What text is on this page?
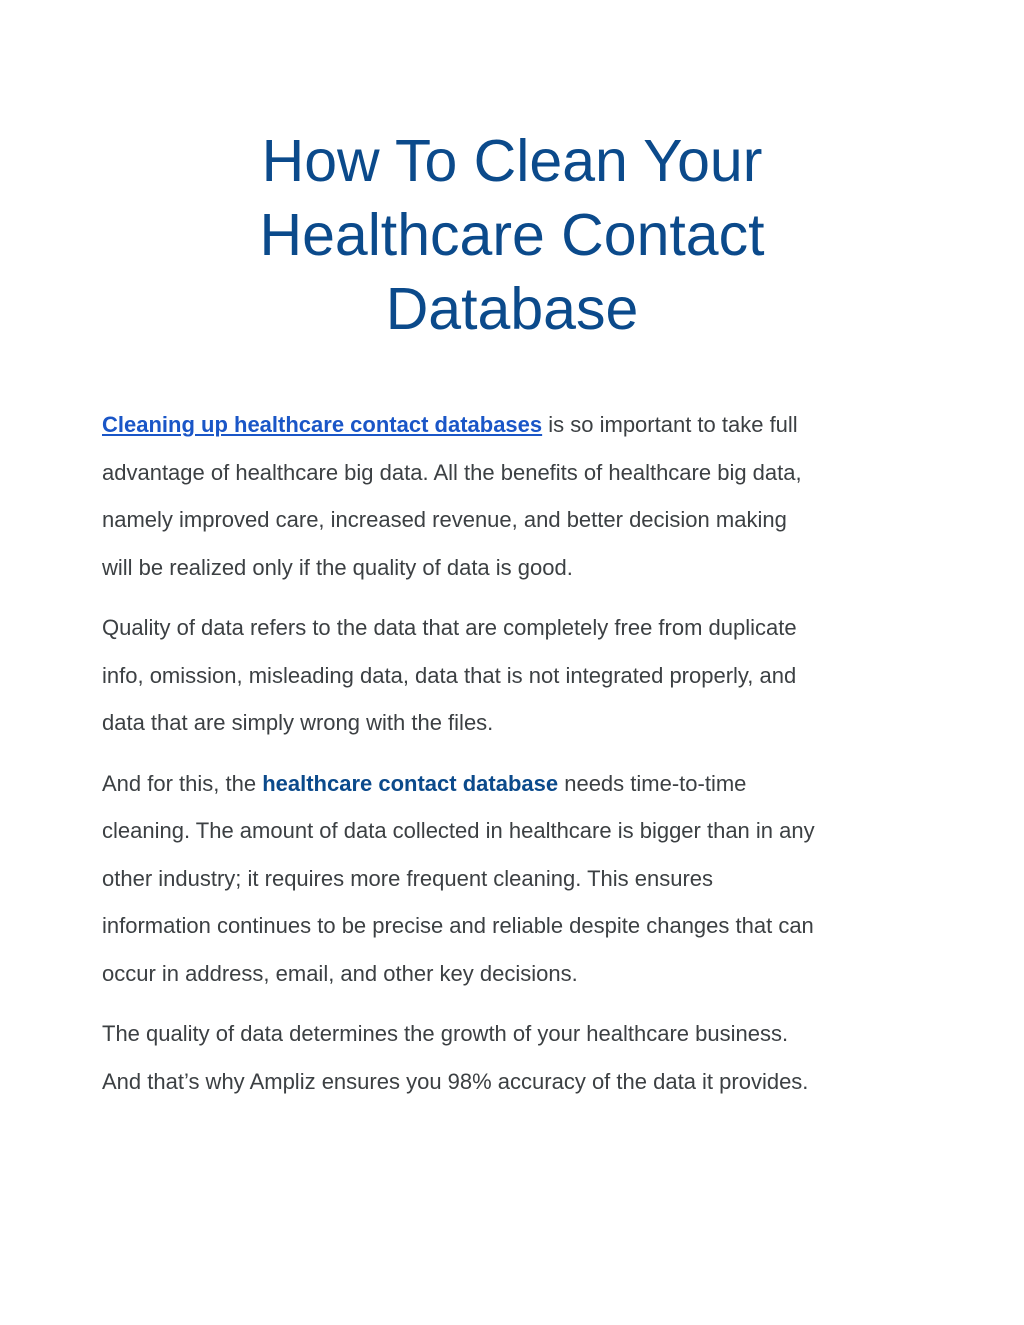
How To Clean Your
Healthcare Contact
Database

Cleaning up healthcare contact databases is so important to take full
advantage of healthcare big data. All the benefits of healthcare big data,
namely improved care, increased revenue, and better decision making
will be realized only if the quality of data is good.

Quality of data refers to the data that are completely free from duplicate
info, omission, misleading data, data that is not integrated properly, and
data that are simply wrong with the files.

And for this, the healthcare contact database needs time-to-time
cleaning. The amount of data collected in healthcare is bigger than in any
other industry; it requires more frequent cleaning. This ensures
information continues to be precise and reliable despite changes that can
occur in address, email, and other key decisions.

The quality of data determines the growth of your healthcare business.
And that’s why Ampliz ensures you 98% accuracy of the data it provides.
